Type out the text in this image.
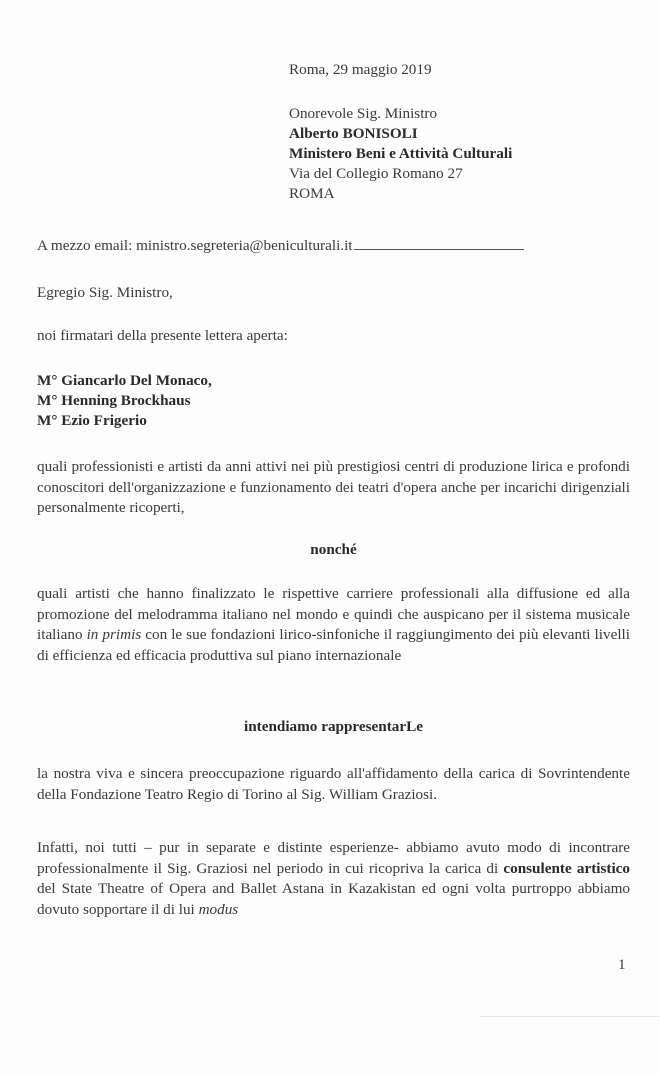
Roma, 29 maggio 2019
Onorevole Sig. Ministro
Alberto BONISOLI
Ministero Beni e Attività Culturali
Via del Collegio Romano 27
ROMA
A mezzo email: ministro.segreteria@beniculturali.it
Egregio Sig. Ministro,
noi firmatari della presente lettera aperta:
M° Giancarlo Del Monaco,
M° Henning Brockhaus
M° Ezio Frigerio
quali professionisti e artisti da anni attivi nei più prestigiosi centri di produzione lirica e profondi conoscitori dell'organizzazione e funzionamento dei teatri d'opera anche per incarichi dirigenziali personalmente ricoperti,
nonché
quali artisti che hanno finalizzato le rispettive carriere professionali alla diffusione ed alla promozione del melodramma italiano nel mondo e quindi che auspicano per il sistema musicale italiano in primis con le sue fondazioni lirico-sinfoniche il raggiungimento dei più elevanti livelli di efficienza ed efficacia produttiva sul piano internazionale
intendiamo rappresentarLe
la nostra viva e sincera preoccupazione riguardo all'affidamento della carica di Sovrintendente della Fondazione Teatro Regio di Torino al Sig. William Graziosi.
Infatti, noi tutti – pur in separate e distinte esperienze- abbiamo avuto modo di incontrare professionalmente il Sig. Graziosi nel periodo in cui ricopriva la carica di consulente artistico del State Theatre of Opera and Ballet Astana in Kazakistan ed ogni volta purtroppo abbiamo dovuto sopportare il di lui modus
1
